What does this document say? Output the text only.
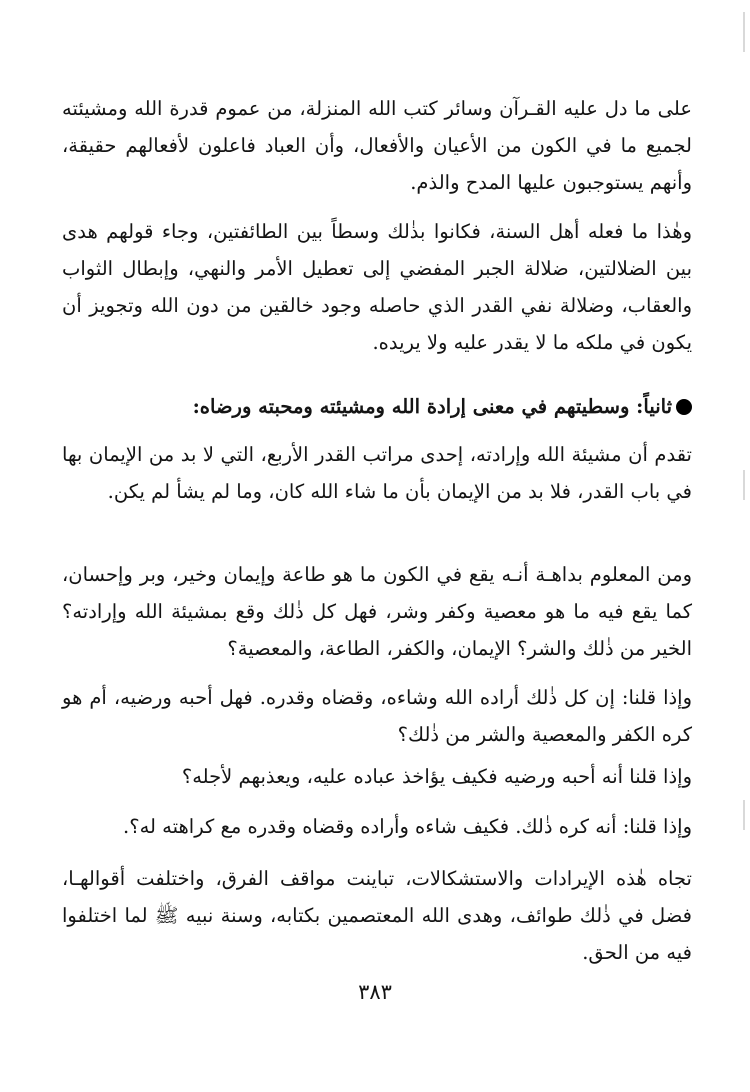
على ما دل عليه القـرآن وسائر كتب الله المنزلة، من عموم قدرة الله ومشيئته لجميع ما في الكون من الأعيان والأفعال، وأن العباد فاعلون لأفعالهم حقيقة، وأنهم يستوجبون عليها المدح والذم.

وهٰذا ما فعله أهل السنة، فكانوا بذٰلك وسطاً بين الطائفتين، وجاء قولهم هدى بين الضلالتين، ضلالة الجبر المفضي إلى تعطيل الأمر والنهي، وإبطال الثواب والعقاب، وضلالة نفي القدر الذي حاصله وجود خالقين من دون الله وتجويز أن يكون في ملكه ما لا يقدر عليه ولا يريده.

ثانياً: وسطيتهم في معنى إرادة الله ومشيئته ومحبته ورضاه:

تقدم أن مشيئة الله وإرادته، إحدى مراتب القدر الأربع، التي لا بد من الإيمان بها في باب القدر، فلا بد من الإيمان بأن ما شاء الله كان، وما لم يشأ لم يكن.

ومن المعلوم بداهـة أنـه يقع في الكون ما هو طاعة وإيمان وخير، وبر وإحسان، كما يقع فيه ما هو معصية وكفر وشر، فهل كل ذٰلك وقع بمشيئة الله وإرادته؟ الخير من ذٰلك والشر؟ الإيمان، والكفر، الطاعة، والمعصية؟

وإذا قلنا: إن كل ذٰلك أراده الله وشاءه، وقضاه وقدره. فهل أحبه ورضيه، أم هو كره الكفر والمعصية والشر من ذٰلك؟

وإذا قلنا أنه أحبه ورضيه فكيف يؤاخذ عباده عليه، ويعذبهم لأجله؟

وإذا قلنا: أنه كره ذٰلك. فكيف شاءه وأراده وقضاه وقدره مع كراهته له؟.

تجاه هٰذه الإيرادات والاستشكالات، تباينت مواقف الفرق، واختلفت أقوالهـا، فضل في ذٰلك طوائف، وهدى الله المعتصمين بكتابه، وسنة نبيه ﷺ لما اختلفوا فيه من الحق.

٣٨٣
